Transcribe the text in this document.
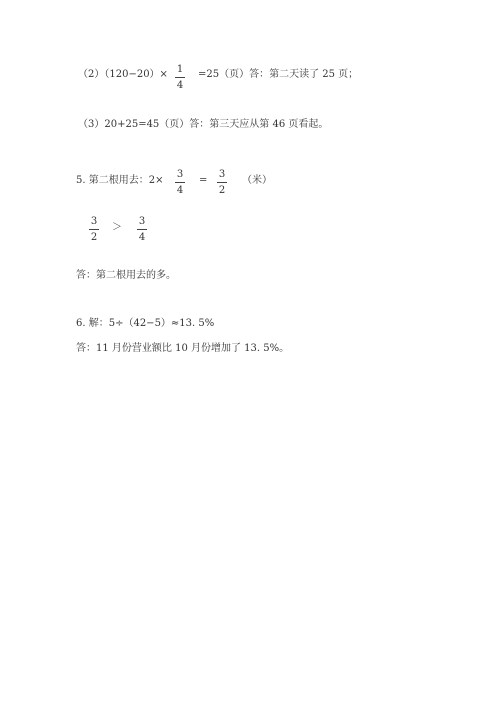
（2）（120−20）× 1
4
=25（页）答：第二天读了 25 页；
（3）20+25=45（页）答：第三天应从第 46 页看起。
5. 第二根用去：2×
3
4
=
3
2
（米）
3
2
＞
3
4
答：第二根用去的多。
6. 解：5÷（42−5）≈13. 5%
答：11 月份营业额比 10 月份增加了 13. 5%。
